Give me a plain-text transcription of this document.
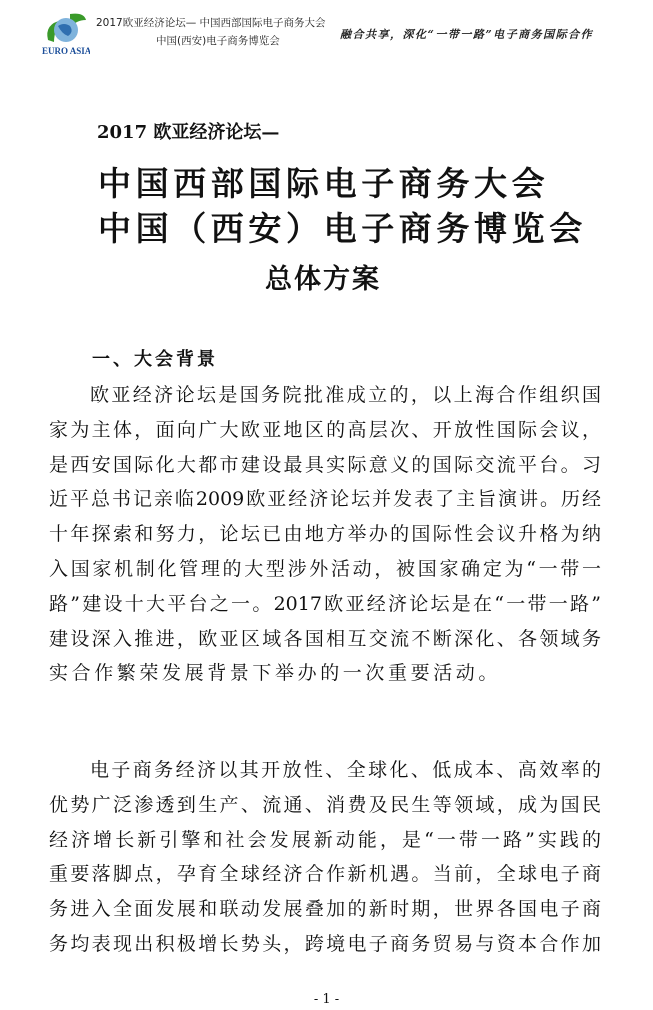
EURO ASIA
2017欧亚经济论坛— 中国西部国际电子商务大会
中国(西安)电子商务博览会	融合共享，深化“一带一路”电子商务国际合作
2017 欧亚经济论坛—
中国西部国际电子商务大会
中国（西安）电子商务博览会
总体方案
一、大会背景
欧亚经济论坛是国务院批准成立的，以上海合作组织国
家为主体，面向广大欧亚地区的高层次、开放性国际会议，
是西安国际化大都市建设最具实际意义的国际交流平台。习
近平总书记亲临2009欧亚经济论坛并发表了主旨演讲。历经
十年探索和努力，论坛已由地方举办的国际性会议升格为纳
入国家机制化管理的大型涉外活动，被国家确定为“一带一
路”建设十大平台之一。2017欧亚经济论坛是在“一带一路”
建设深入推进，欧亚区域各国相互交流不断深化、各领域务
实合作繁荣发展背景下举办的一次重要活动。
电子商务经济以其开放性、全球化、低成本、高效率的
优势广泛渗透到生产、流通、消费及民生等领域，成为国民
经济增长新引擎和社会发展新动能，是“一带一路”实践的
重要落脚点，孕育全球经济合作新机遇。当前，全球电子商
务进入全面发展和联动发展叠加的新时期，世界各国电子商
务均表现出积极增长势头，跨境电子商务贸易与资本合作加
- 1 -
